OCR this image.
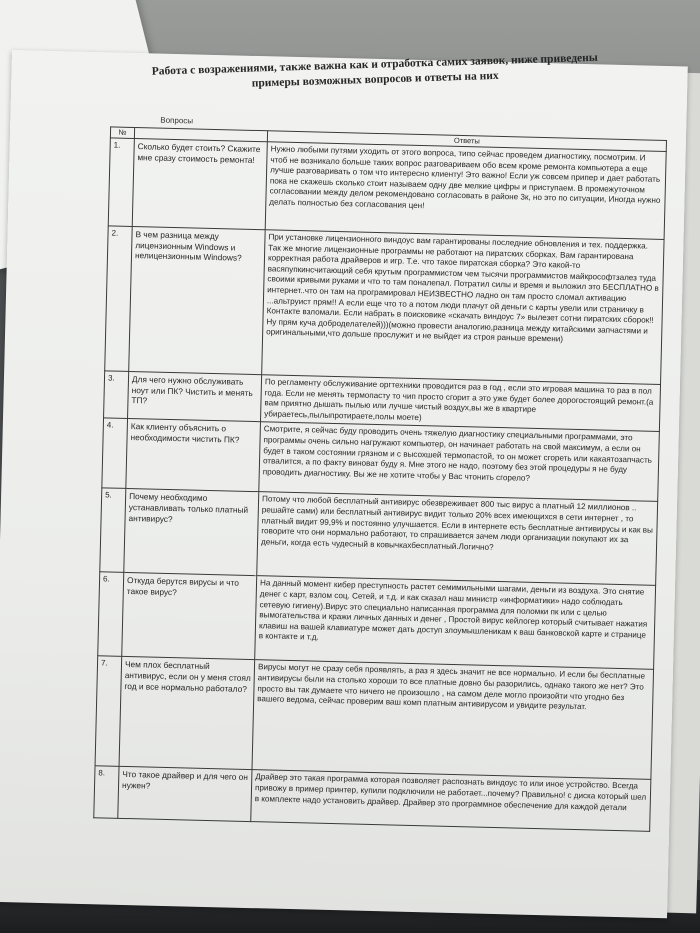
Работа с возражениями, также важна как и отработка самих заявок, ниже приведены примеры возможных вопросов и ответы на них
Вопросы
№		Ответы
1.	Сколько будет стоить? Скажите мне сразу стоимость ремонта!	Нужно любыми путями уходить от этого вопроса, типо сейчас проведем диагностику, посмотрим. И чтоб не возникало больше таких вопрос разговариваем обо всем кроме ремонта компьютера а еще лучше разговаривать о том что интересно клиенту! Это важно! Если уж совсем припер и дает работать пока не скажешь сколько стоит называем одну две мелкие цифры и приступаем. В промежуточном согласовании между делом рекомендовано согласовать в районе 3к, но это по ситуации, Иногда нужно делать полностью без согласования цен!
2.	В чем разница между лицензионным Windows и нелицензионным Windows?	При установке лицензионного виндоус вам гарантированы последние обновления и тех. поддержка. Так же многие лицензионные программы не работают на пиратских сборках. Вам гарантирована корректная работа драйверов и игр. Т.е. что такое пиратская сборка? Это какой-то васяпупкинсчитающий себя крутым программистом чем тысячи программистов майкрософтзалез туда своими кривыми руками и что то там поналепал. Потратил силы и время и выложил это БЕСПЛАТНО в интернет..что он там на програмировал НЕИЗВЕСТНО ладно он там просто сломал активацию ...альтруист прям!! А если еще что то а потом люди плачут ой деньги с карты увели или страничку в Контакте взломали. Если набрать в поисковике «скачать виндоус 7» вылезет сотни пиратских сборок!! Ну прям куча доброделателей)))(можно провести аналогию,разница между китайскими запчастями и оригинальными,что дольше прослужит и не выйдет из строя раньше времени)
3.	Для чего нужно обслуживать ноут или ПК? Чистить и менять ТП?	По регламенту обслуживание оргтехники проводится раз в год , если это игровая машина то раз в пол года. Если не менять термопасту то чип просто сгорит а это уже будет более дорогостоящий ремонт.(а вам приятно дышать пылью или лучше чистый воздух,вы же в квартире убираетесь,пылыпротираете,полы моете)
4.	Как клиенту объяснить о необходимости чистить ПК?	Смотрите, я сейчас буду проводить очень тяжелую диагностику специальными программами, это программы очень сильно нагружают компьютер, он начинает работать на свой максимум, а если он будет в таком состоянии грязном и с высохшей термопастой, то он может сгореть или какаятозапчасть отвалится, а по факту виноват буду я. Мне этого не надо, поэтому без этой процедуры я не буду проводить диагностику. Вы же не хотите чтобы у Вас чтонить сгорело?
5.	Почему необходимо устанавливать только платный антивирус?	Потому что любой бесплатный антивирус обезвреживает 800 тыс вирус а платный 12 миллионов .. решайте сами) или бесплатный антивирус видит только 20% всех имеющихся в сети интернет , то платный видит 99,9% и постоянно улучшается. Если в интернете есть бесплатные антивирусы и как вы говорите что они нормально работают, то спрашивается зачем люди организации покупают их за деньги, когда есть чудесный в ковычкахбесплатный.Логично?
6.	Откуда берутся вирусы и что такое вирус?	На данный момент кибер преступность растет семимильными шагами, деньги из воздуха. Это снятие денег с карт, взлом соц. Сетей, и т.д. и как сказал наш министр «информатики» надо соблюдать сетевую гигиену).Вирус это специально написанная программа для поломки пк или с целью вымогательства и кражи личных данных и денег , Простой вирус кейлогер который считывает нажатия клавиш на вашей клавиатуре может дать доступ злоумышленикам к ваш банковской карте и странице в контакте и т.д.
7.	Чем плох бесплатный антивирус, если он у меня стоял год и все нормально работало?	Вирусы могут не сразу себя проявлять, а раз я здесь значит не все нормально. И если бы бесплатные антивирусы были на столько хороши то все платные довно бы разорились, однако такого же нет? Это просто вы так думаете что ничего не произошло , на самом деле могло произойти что угодно без вашего ведома, сейчас проверим ваш комп платным антивирусом и увидите результат.
8.	Что такое драйвер и для чего он нужен?	Драйвер это такая программа которая позволяет распознать виндоус то или иное устройство. Всегда привожу в пример принтер, купили подключили не работает...почему? Правильно! с диска который шел в комплекте надо установить драйвер. Драйвер это программное обеспечение для каждой детали
